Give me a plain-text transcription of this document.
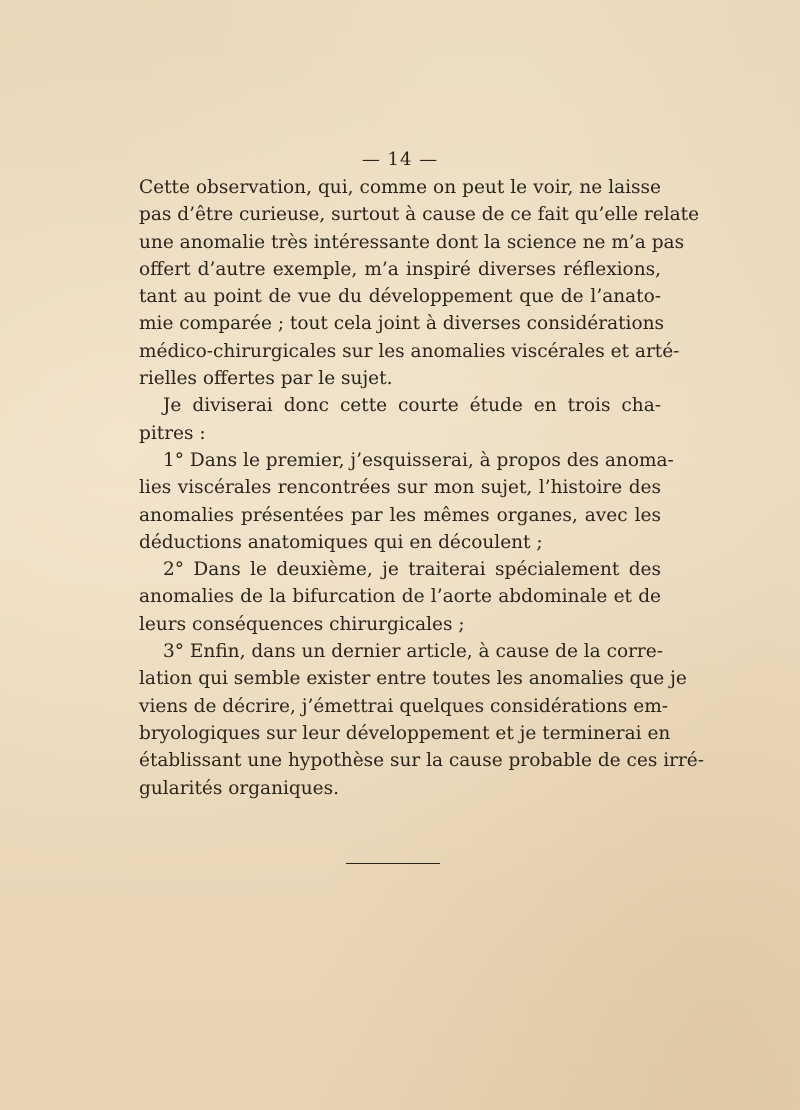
— 14 —
Cette observation, qui, comme on peut le voir, ne laisse
pas d’être curieuse, surtout à cause de ce fait qu’elle relate
une anomalie très intéressante dont la science ne m’a pas
offert d’autre exemple, m’a inspiré diverses réflexions,
tant au point de vue du développement que de l’anato-
mie comparée ; tout cela joint à diverses considérations
médico-chirurgicales sur les anomalies viscérales et arté-
rielles offertes par le sujet.
Je diviserai donc cette courte étude en trois cha-
pitres :
1° Dans le premier, j’esquisserai, à propos des anoma-
lies viscérales rencontrées sur mon sujet, l’histoire des
anomalies présentées par les mêmes organes, avec les
déductions anatomiques qui en découlent ;
2° Dans le deuxième, je traiterai spécialement des
anomalies de la bifurcation de l’aorte abdominale et de
leurs conséquences chirurgicales ;
3° Enfin, dans un dernier article, à cause de la corre-
lation qui semble exister entre toutes les anomalies que je
viens de décrire, j’émettrai quelques considérations em-
bryologiques sur leur développement et je terminerai en
établissant une hypothèse sur la cause probable de ces irré-
gularités organiques.
